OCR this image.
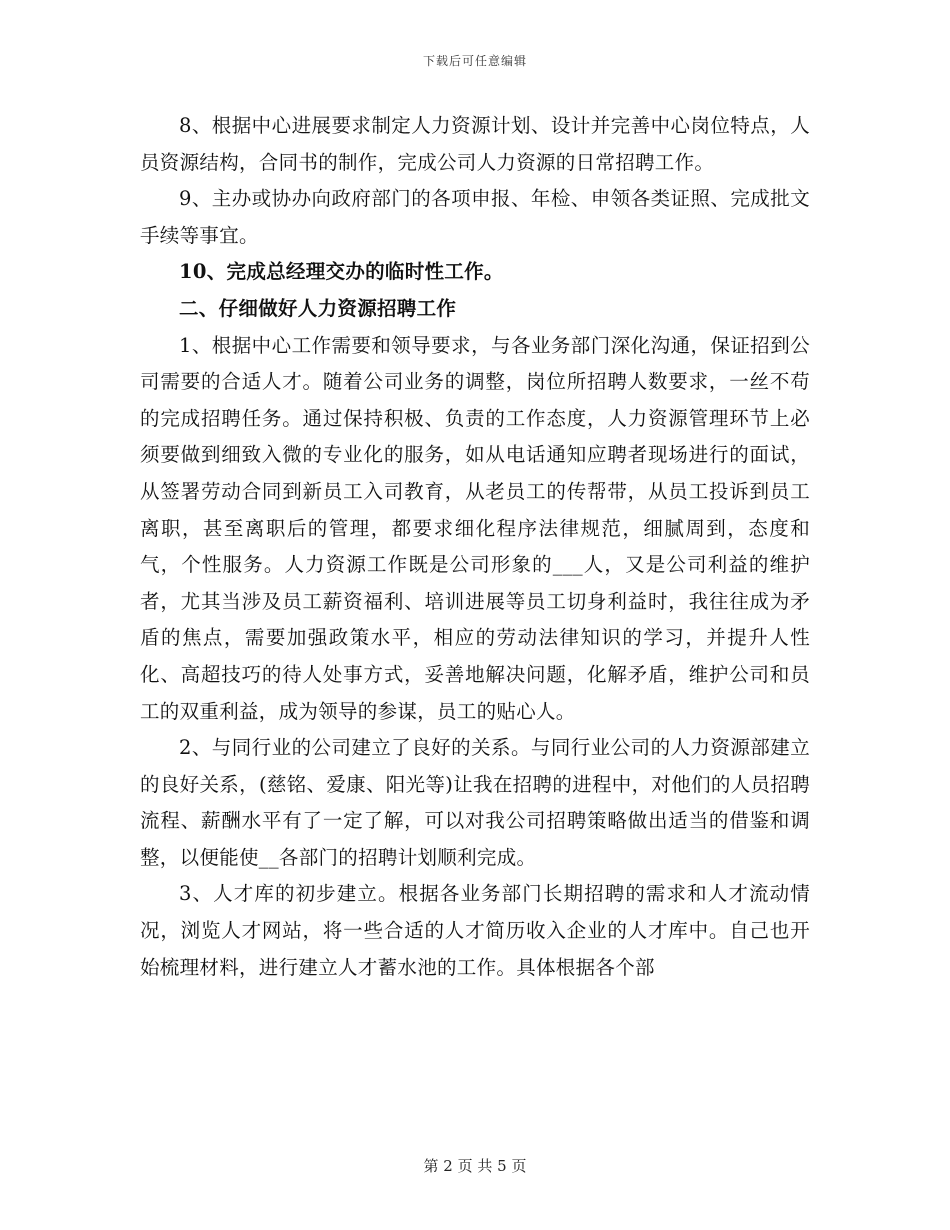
下载后可任意编辑

8、根据中心进展要求制定人力资源计划、设计并完善中心岗位特点，人员资源结构，合同书的制作，完成公司人力资源的日常招聘工作。

9、主办或协办向政府部门的各项申报、年检、申领各类证照、完成批文手续等事宜。

10、完成总经理交办的临时性工作。

二、仔细做好人力资源招聘工作

1、根据中心工作需要和领导要求，与各业务部门深化沟通，保证招到公司需要的合适人才。随着公司业务的调整，岗位所招聘人数要求，一丝不苟的完成招聘任务。通过保持积极、负责的工作态度，人力资源管理环节上必须要做到细致入微的专业化的服务，如从电话通知应聘者现场进行的面试，从签署劳动合同到新员工入司教育，从老员工的传帮带，从员工投诉到员工离职，甚至离职后的管理，都要求细化程序法律规范，细腻周到，态度和气，个性服务。人力资源工作既是公司形象的___人，又是公司利益的维护者，尤其当涉及员工薪资福利、培训进展等员工切身利益时，我往往成为矛盾的焦点，需要加强政策水平，相应的劳动法律知识的学习，并提升人性化、高超技巧的待人处事方式，妥善地解决问题，化解矛盾，维护公司和员工的双重利益，成为领导的参谋，员工的贴心人。

2、与同行业的公司建立了良好的关系。与同行业公司的人力资源部建立的良好关系，(慈铭、爱康、阳光等)让我在招聘的进程中，对他们的人员招聘流程、薪酬水平有了一定了解，可以对我公司招聘策略做出适当的借鉴和调整，以便能使__各部门的招聘计划顺利完成。

3、人才库的初步建立。根据各业务部门长期招聘的需求和人才流动情况，浏览人才网站，将一些合适的人才简历收入企业的人才库中。自己也开始梳理材料，进行建立人才蓄水池的工作。具体根据各个部

第 2 页 共 5 页
